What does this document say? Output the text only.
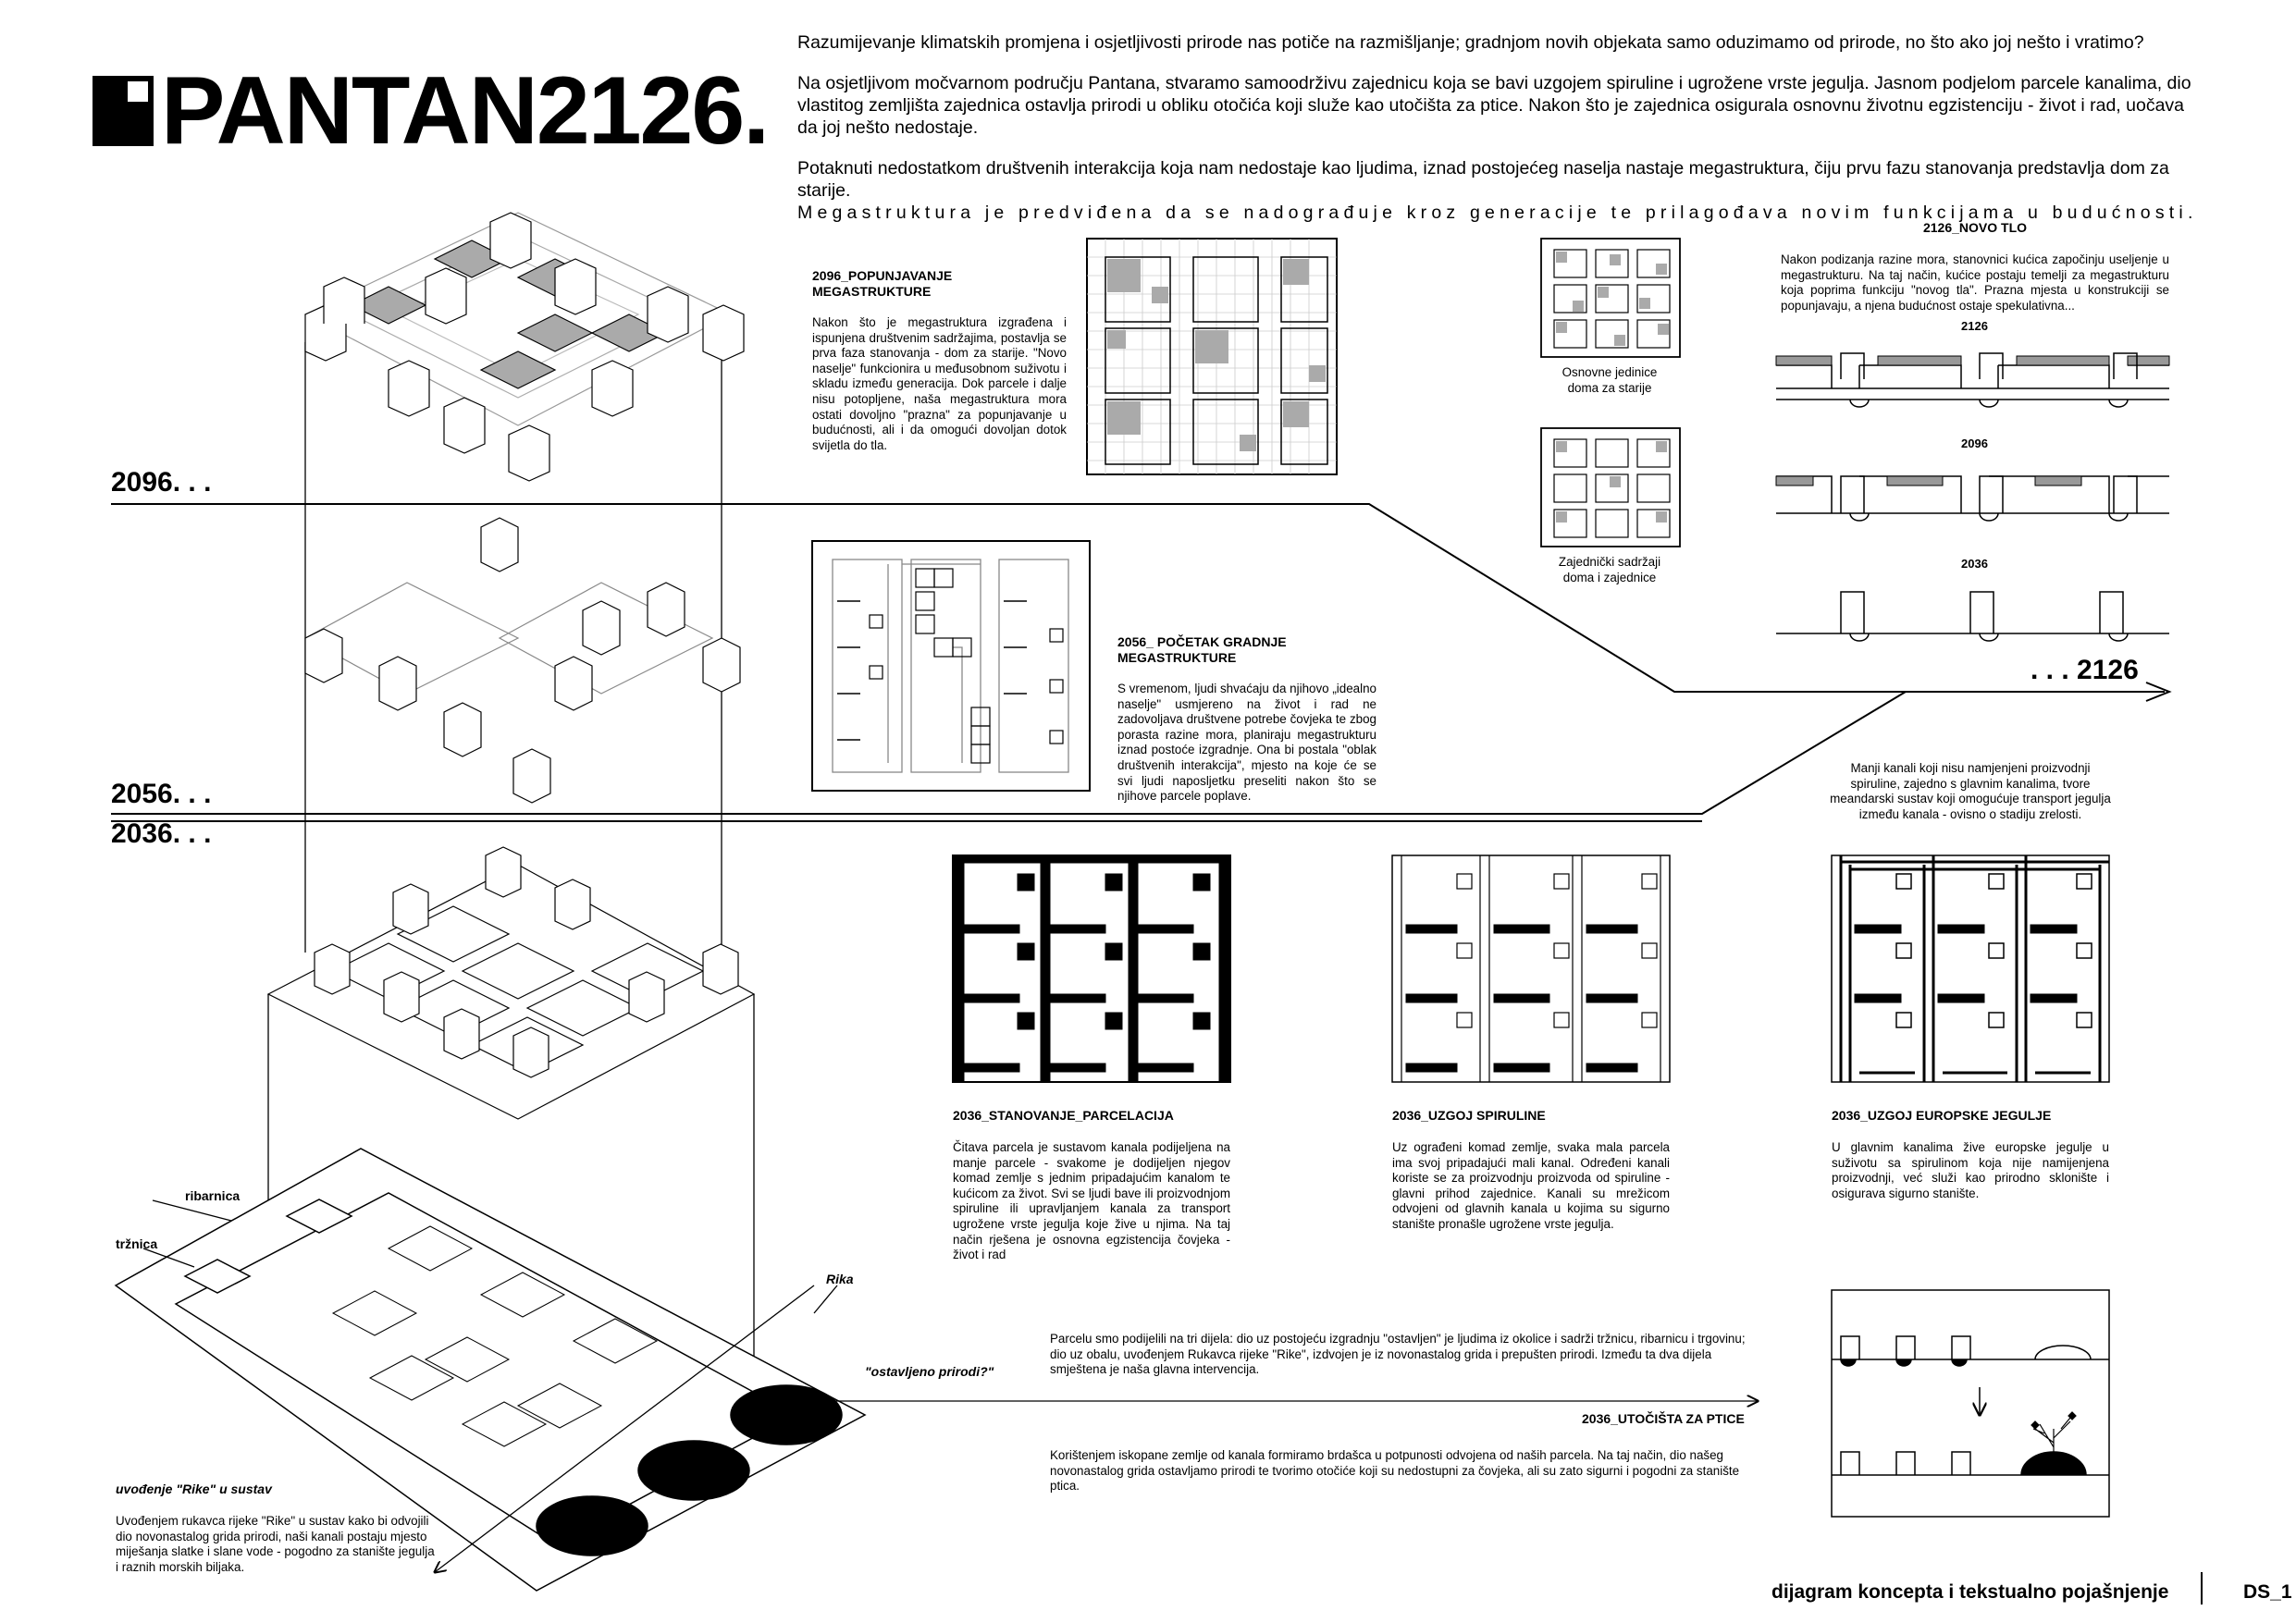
PANTAN2126.

Razumijevanje klimatskih promjena i osjetljivosti prirode nas potiče na razmišljanje; gradnjom novih objekata samo oduzimamo od prirode, no što ako joj nešto i vratimo?

Na osjetljivom močvarnom području Pantana, stvaramo samoodrživu zajednicu koja se bavi uzgojem spiruline i ugrožene vrste jegulja. Jasnom podjelom parcele kanalima, dio vlastitog zemljišta zajednica ostavlja prirodi u obliku otočića koji služe kao utočišta za ptice. Nakon što je zajednica osigurala osnovnu životnu egzistenciju - život i rad, uočava da joj nešto nedostaje.

Potaknuti nedostatkom društvenih interakcija koja nam nedostaje kao ljudima, iznad postojećeg naselja nastaje megastruktura, čiju prvu fazu stanovanja predstavlja dom za starije.

Megastruktura je predviđena da se nadograđuje kroz generacije te prilagođava novim funkcijama u budućnosti.

2096. . .
2056. . .
2036. . .
. . . 2126
2096_POPUNJAVANJE
MEGASTRUKTURE
Nakon što je megastruktura izgrađena i ispunjena društvenim sadržajima, postavlja se prva faza stanovanja - dom za starije. "Novo naselje" funkcionira u međusobnom suživotu i skladu između generacija. Dok parcele i dalje nisu potopljene, naša megastruktura mora ostati dovoljno "prazna" za popunjavanje u budućnosti, ali i da omogući dovoljan dotok svijetla do tla.
2056_ POČETAK GRADNJE
MEGASTRUKTURE
S vremenom, ljudi shvaćaju da njihovo „idealno naselje" usmjereno na život i rad ne zadovoljava društvene potrebe čovjeka te zbog porasta razine mora, planiraju megastrukturu iznad postoće izgradnje. Ona bi postala "oblak društvenih interakcija", mjesto na koje će se svi ljudi naposljetku preseliti nakon što se njihove parcele poplave.
Osnovne jedinice
doma za starije
Zajednički sadržaji
doma i zajednice
2126_NOVO TLO
Nakon podizanja razine mora, stanovnici kućica započinju useljenje u megastrukturu. Na taj način, kućice postaju temelji za megastrukturu koja poprima funkciju "novog tla". Prazna mjesta u konstrukciji se popunjavaju, a njena budućnost ostaje spekulativna...
2126
2096
2036
Manji kanali koji nisu namjenjeni proizvodnji spiruline, zajedno s glavnim kanalima, tvore meandarski sustav koji omogućuje transport jegulja između kanala - ovisno o stadiju zrelosti.
2036_STANOVANJE_PARCELACIJA
Čitava parcela je sustavom kanala podijeljena na manje parcele - svakome je dodijeljen njegov komad zemlje s jednim pripadajućim kanalom te kućicom za život. Svi se ljudi bave ili proizvodnjom spiruline ili upravljanjem kanala za transport ugrožene vrste jegulja koje žive u njima. Na taj način rješena je osnovna egzistencija čovjeka - život i rad
2036_UZGOJ SPIRULINE
Uz ograđeni komad zemlje, svaka mala parcela ima svoj pripadajući mali kanal. Određeni kanali koriste se za proizvodnju proizvoda od spiruline - glavni prihod zajednice. Kanali su mrežicom odvojeni od glavnih kanala u kojima su sigurno stanište pronašle ugrožene vrste jegulja.
2036_UZGOJ EUROPSKE JEGULJE
U glavnim kanalima žive europske jegulje u suživotu sa spirulinom koja nije namijenjena proizvodnji, već služi kao prirodno sklonište i osigurava sigurno stanište.
Parcelu smo podijelili na tri dijela: dio uz postojeću izgradnju "ostavljen" je ljudima iz okolice i sadrži tržnicu, ribarnicu i trgovinu; dio uz obalu, uvođenjem Rukavca rijeke "Rike", izdvojen je iz novonastalog grida i prepušten prirodi. Između ta dva dijela smještena je naša glavna intervencija.
2036_UTOČIŠTA ZA PTICE
Korištenjem iskopane zemlje od kanala formiramo brdašca u potpunosti odvojena od naših parcela. Na taj način, dio našeg novonastalog grida ostavljamo prirodi te tvorimo otočiće koji su nedostupni za čovjeka, ali su zato sigurni i pogodni za stanište ptica.
uvođenje "Rike" u sustav
Uvođenjem rukavca rijeke "Rike" u sustav kako bi odvojili dio novonastalog grida prirodi, naši kanali postaju mjesto miješanja slatke i slane vode - pogodno za stanište jegulja i raznih morskih biljaka.
ribarnica
tržnica
Rika
"ostavljeno prirodi?"
dijagram koncepta i tekstualno pojašnjenje	DS_1
